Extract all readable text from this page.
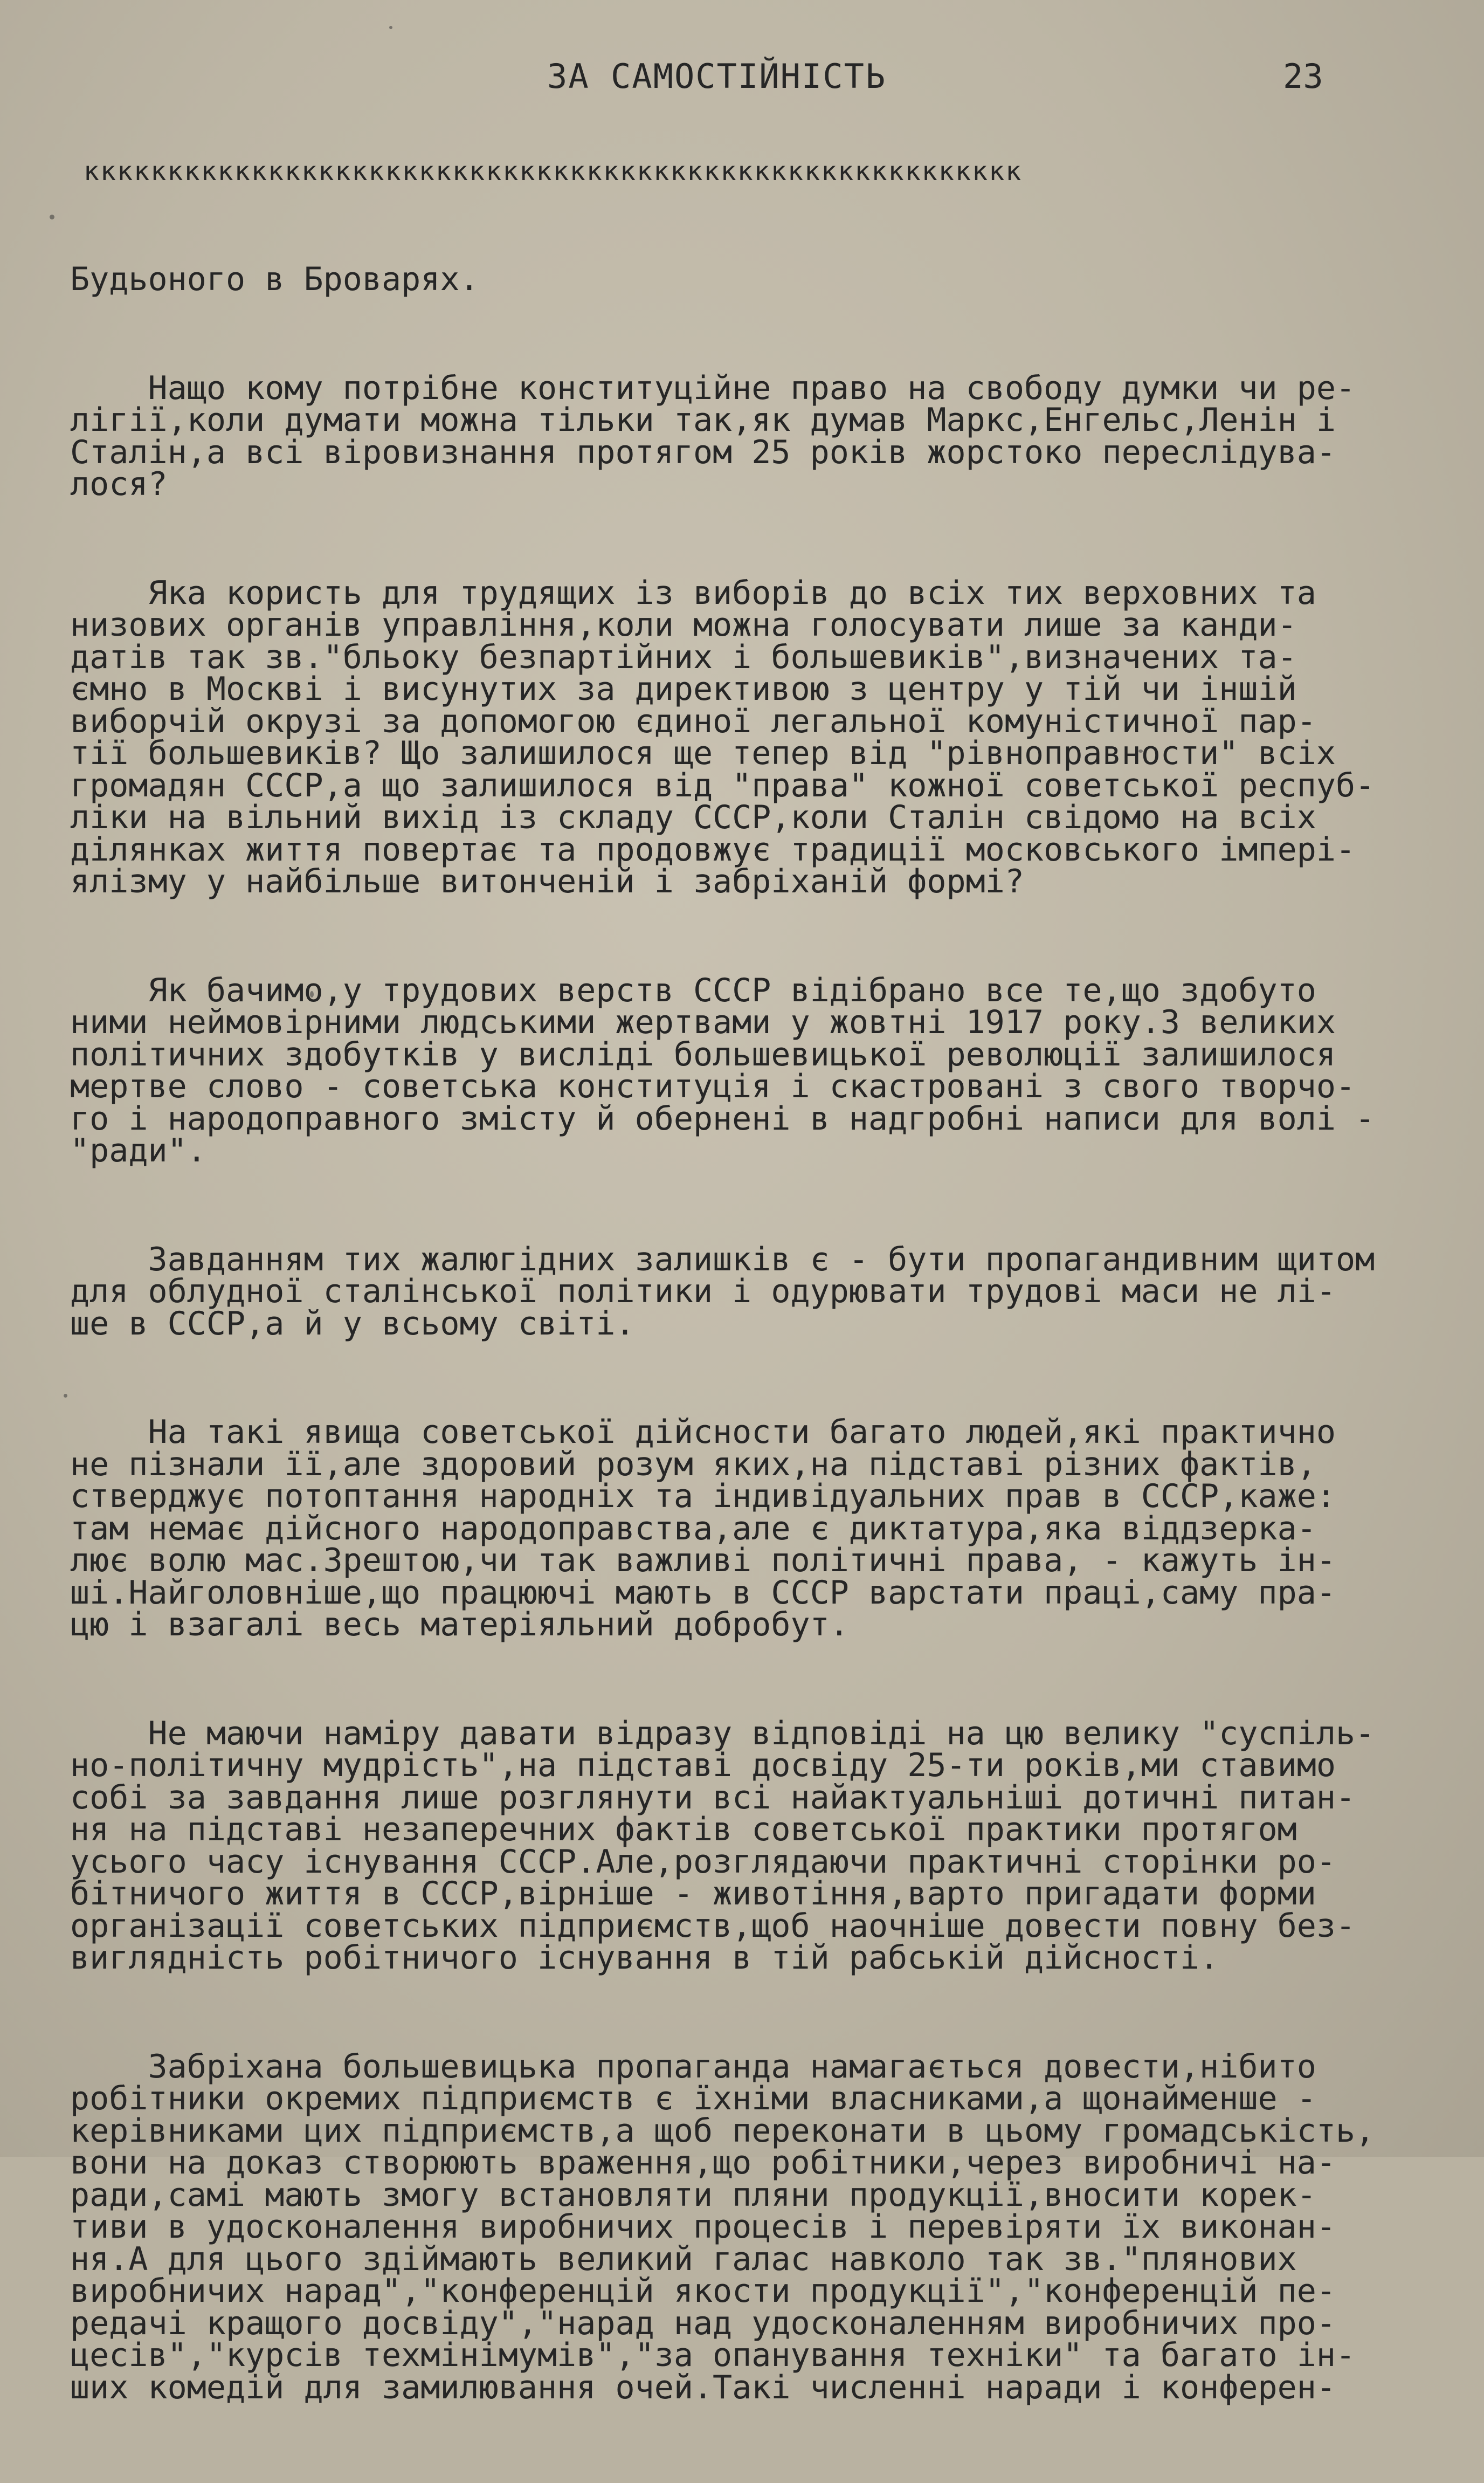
ЗА САМОСТІЙНІСТЬ	23
кккккккккккккккккккккккккккккккккккккккккккккккккккккккк

Будьоного в Броварях.

Нащо кому потрібне конституційне право на свободу думки чи ре-
лігії,коли думати можна тільки так,як думав Маркс,Енгельс,Ленін і
Сталін,а всі віровизнання протягом 25 років жорстоко переслідува-
лося?

Яка користь для трудящих із виборів до всіх тих верховних та
низових органів управління,коли можна голосувати лише за канди-
датів так зв."бльоку безпартійних і большевиків",визначених та-
ємно в Москві і висунутих за директивою з центру у тій чи іншій
виборчій окрузі за допомогою єдиної легальної комуністичної пар-
тії большевиків? Що залишилося ще тепер від "рівноправности" всіх
громадян СССР,а що залишилося від "права" кожної советської респуб-
ліки на вільний вихід із складу СССР,коли Сталін свідомо на всіх
ділянках життя повертає та продовжує традиції московського імпері-
ялізму у найбільше витонченій і забріханій формі?

Як бачимо,у трудових верств СССР відібрано все те,що здобуто
ними неймовірними людськими жертвами у жовтні 1917 року.З великих
політичних здобутків у висліді большевицької революції залишилося
мертве слово - советська конституція і скастровані з свого творчо-
го і народоправного змісту й обернені в надгробні написи для волі -
"ради".

Завданням тих жалюгідних залишків є - бути пропагандивним щитом
для облудної сталінської політики і одурювати трудові маси не лі-
ше в СССР,а й у всьому світі.

На такі явища советської дійсности багато людей,які практично
не пізнали її,але здоровий розум яких,на підставі різних фактів,
стверджує потоптання народніх та індивідуальних прав в СССР,каже:
там немає дійсного народоправства,але є диктатура,яка віддзерка-
лює волю мас.Зрештою,чи так важливі політичні права, - кажуть ін-
ші.Найголовніше,що працюючі мають в СССР варстати праці,саму пра-
цю і взагалі весь матеріяльний добробут.

Не маючи наміру давати відразу відповіді на цю велику "суспіль-
но-політичну мудрість",на підставі досвіду 25-ти років,ми ставимо
собі за завдання лише розглянути всі найактуальніші дотичні питан-
ня на підставі незаперечних фактів советської практики протягом
усього часу існування СССР.Але,розглядаючи практичні сторінки ро-
бітничого життя в СССР,вірніше - животіння,варто пригадати форми
організації советських підприємств,щоб наочніше довести повну без-
виглядність робітничого існування в тій рабській дійсності.

Забріхана большевицька пропаганда намагається довести,нібито
робітники окремих підприємств є їхніми власниками,а щонайменше -
керівниками цих підприємств,а щоб переконати в цьому громадськість,
вони на доказ створюють враження,що робітники,через виробничі на-
ради,самі мають змогу встановляти пляни продукції,вносити корек-
тиви в удосконалення виробничих процесів і перевіряти їх виконан-
ня.А для цього здіймають великий галас навколо так зв."плянових
виробничих нарад","конференцій якости продукції","конференцій пе-
редачі кращого досвіду","нарад над удосконаленням виробничих про-
цесів","курсів техмінімумів","за опанування техніки" та багато ін-
ших комедій для замилювання очей.Такі численні наради і конферен-
